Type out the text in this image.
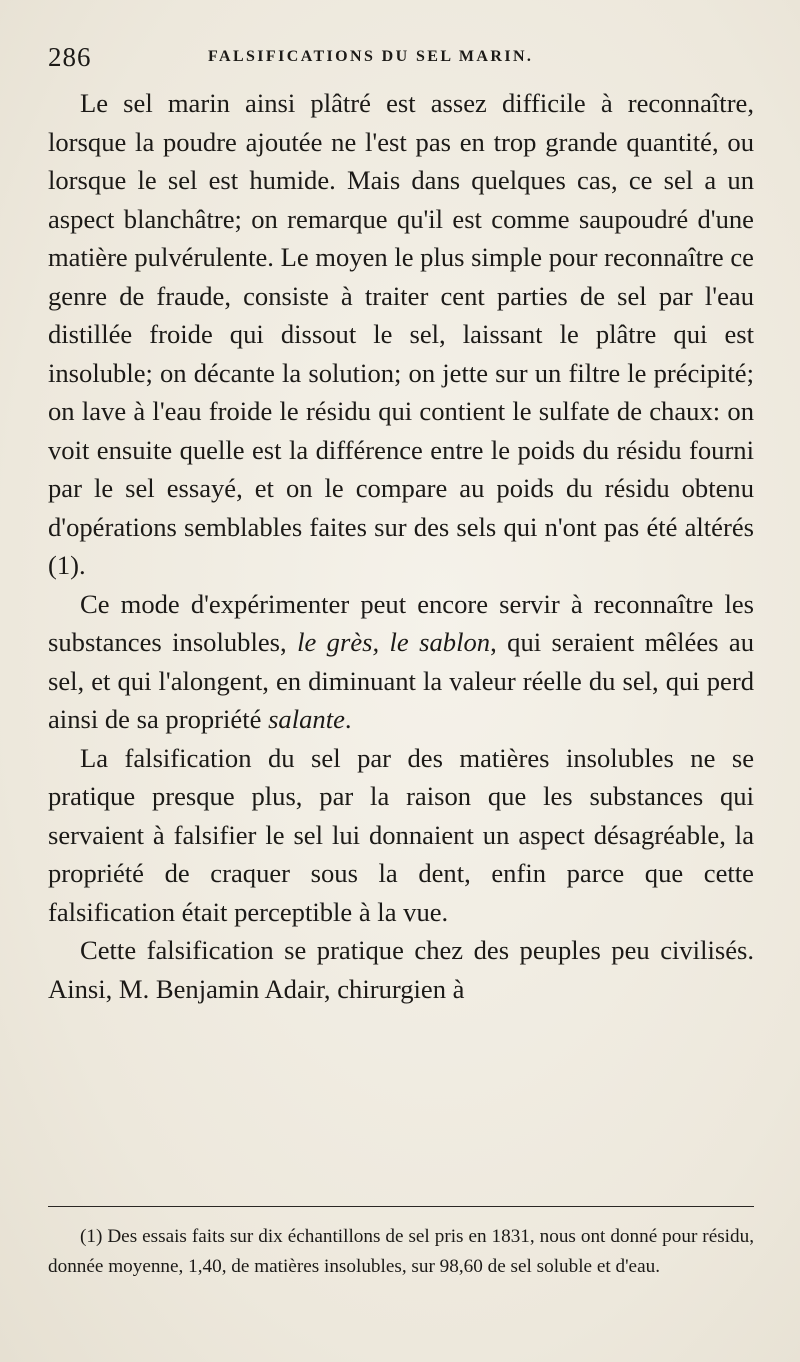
286	FALSIFICATIONS DU SEL MARIN.

Le sel marin ainsi plâtré est assez difficile à reconnaître, lorsque la poudre ajoutée ne l'est pas en trop grande quantité, ou lorsque le sel est humide. Mais dans quelques cas, ce sel a un aspect blanchâtre; on remarque qu'il est comme saupoudré d'une matière pulvérulente. Le moyen le plus simple pour reconnaître ce genre de fraude, consiste à traiter cent parties de sel par l'eau distillée froide qui dissout le sel, laissant le plâtre qui est insoluble; on décante la solution; on jette sur un filtre le précipité; on lave à l'eau froide le résidu qui contient le sulfate de chaux: on voit ensuite quelle est la différence entre le poids du résidu fourni par le sel essayé, et on le compare au poids du résidu obtenu d'opérations semblables faites sur des sels qui n'ont pas été altérés (1).

Ce mode d'expérimenter peut encore servir à reconnaître les substances insolubles, le grès, le sablon, qui seraient mêlées au sel, et qui l'alongent, en diminuant la valeur réelle du sel, qui perd ainsi de sa propriété salante.

La falsification du sel par des matières insolubles ne se pratique presque plus, par la raison que les substances qui servaient à falsifier le sel lui donnaient un aspect désagréable, la propriété de craquer sous la dent, enfin parce que cette falsification était perceptible à la vue.

Cette falsification se pratique chez des peuples peu civilisés. Ainsi, M. Benjamin Adair, chirurgien à

(1) Des essais faits sur dix échantillons de sel pris en 1831, nous ont donné pour résidu, donnée moyenne, 1,40, de matières insolubles, sur 98,60 de sel soluble et d'eau.
